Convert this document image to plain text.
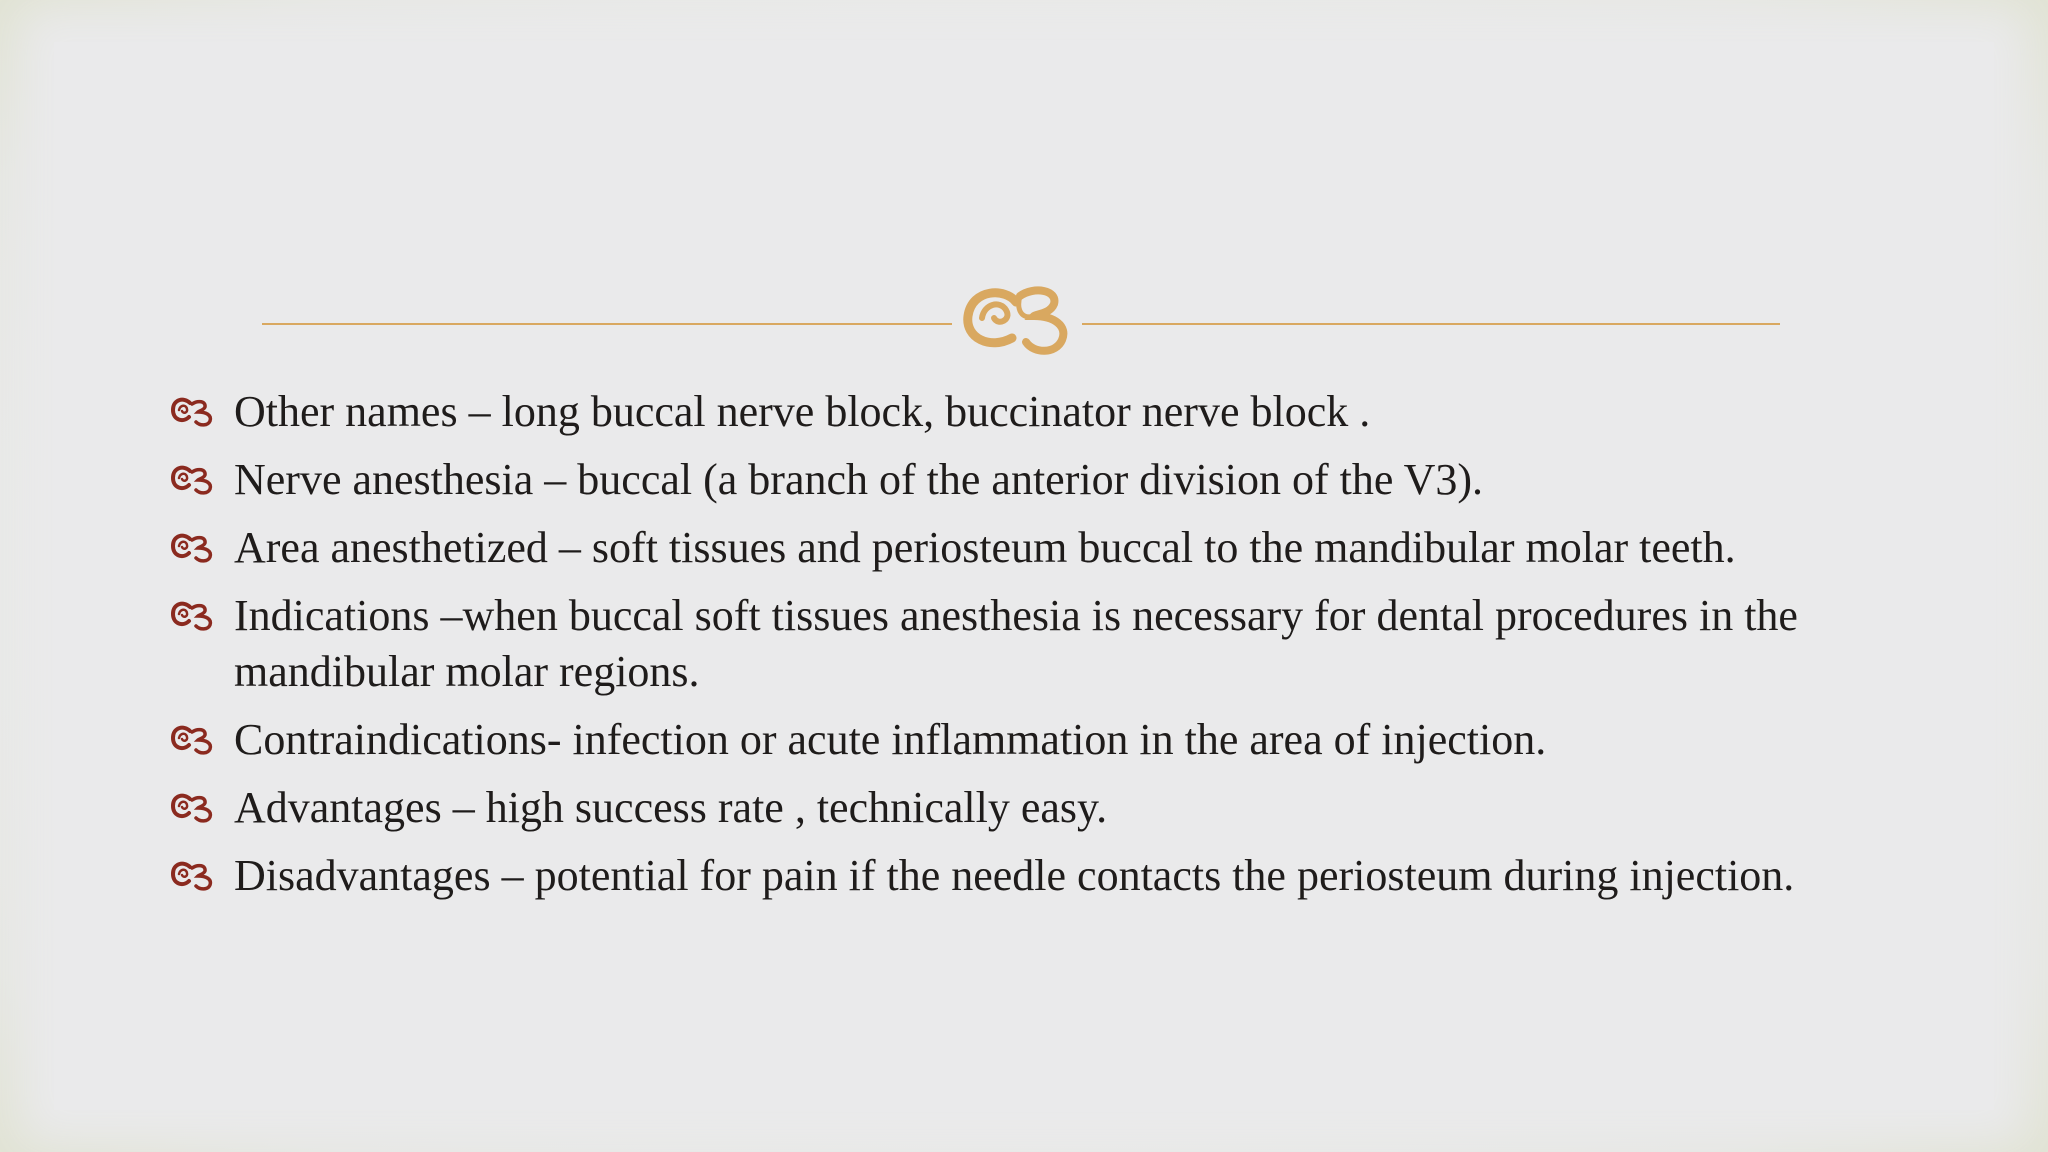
Other names – long buccal nerve block, buccinator nerve block .
Nerve anesthesia – buccal (a branch of the anterior division of the V3).
Area anesthetized – soft tissues and periosteum buccal to the mandibular molar teeth.
Indications –when buccal soft tissues anesthesia is necessary for dental procedures in the mandibular molar regions.
Contraindications- infection or acute inflammation in the area of injection.
Advantages – high success rate , technically easy.
Disadvantages – potential for pain if the needle contacts the periosteum during injection.
